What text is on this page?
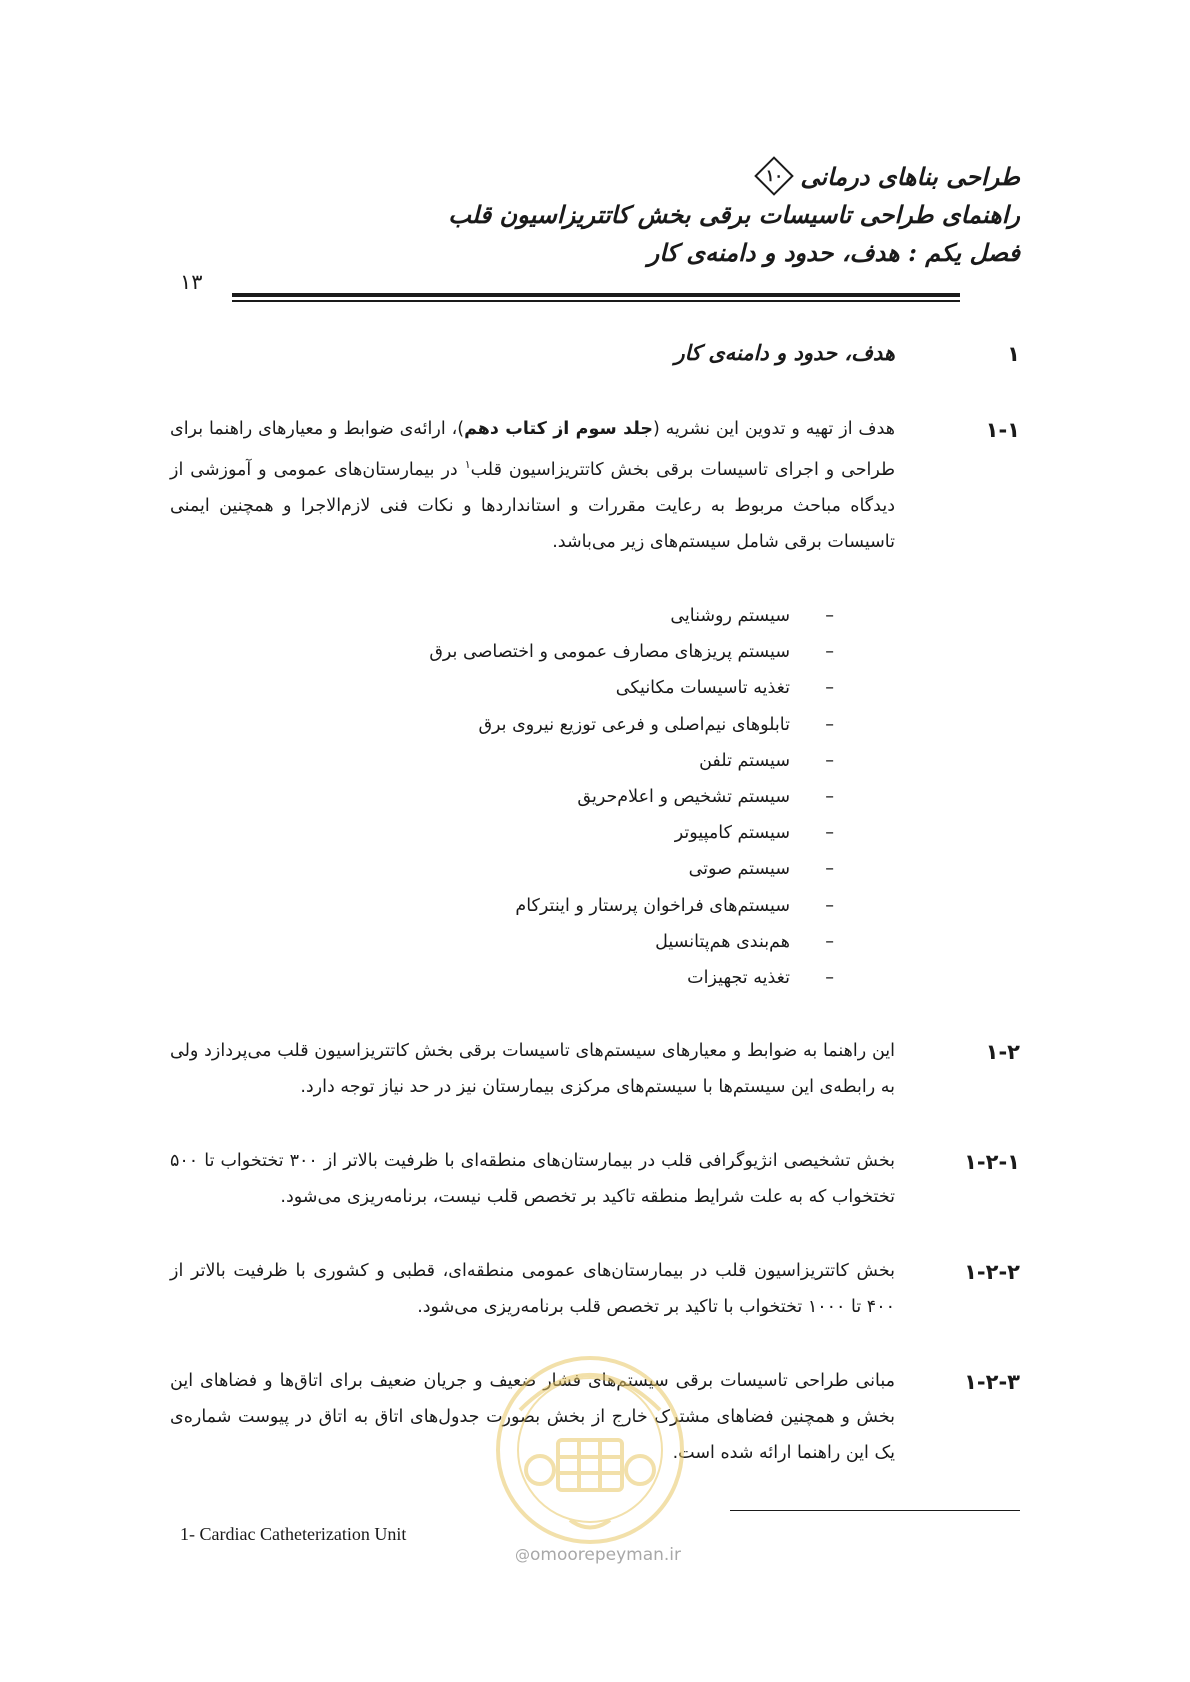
طراحی بناهای درمانی
۱۰
راهنمای طراحی تاسیسات برقی بخش کاتتریزاسیون قلب
فصل یکم : هدف، حدود و دامنه‌ی کار
۱۳
۱
هدف، حدود و دامنه‌ی کار
۱-۱
هدف از تهیه و تدوین این نشریه (جلد سوم از کتاب دهم)، ارائه‌ی ضوابط و معیارهای راهنما برای طراحی و اجرای تاسیسات برقی بخش کاتتریزاسیون قلب$^۱$ در بیمارستان‌های عمومی و آموزشی از دیدگاه مباحث مربوط به رعایت مقررات و استانداردها و نکات فنی لازم‌الاجرا و همچنین ایمنی تاسیسات برقی شامل سیستم‌های زیر می‌باشد.
–سیستم روشنایی
–سیستم پریزهای مصارف عمومی و اختصاصی برق
–تغذیه تاسیسات مکانیکی
–تابلوهای نیم‌اصلی و فرعی توزیع نیروی برق
–سیستم تلفن
–سیستم تشخیص و اعلام‌حریق
–سیستم کامپیوتر
–سیستم صوتی
–سیستم‌های فراخوان پرستار و اینترکام
–هم‌بندی هم‌پتانسیل
–تغذیه تجهیزات
۱-۲
این راهنما به ضوابط و معیارهای سیستم‌های تاسیسات برقی بخش کاتتریزاسیون قلب می‌پردازد ولی به رابطه‌ی این سیستم‌ها با سیستم‌های مرکزی بیمارستان نیز در حد نیاز توجه دارد.
۱-۲-۱
بخش تشخیصی انژیوگرافی قلب در بیمارستان‌های منطقه‌ای با ظرفیت بالاتر از ۳۰۰ تختخواب تا ۵۰۰ تختخواب که به علت شرایط منطقه تاکید بر تخصص قلب نیست، برنامه‌ریزی می‌شود.
۱-۲-۲
بخش کاتتریزاسیون قلب در بیمارستان‌های عمومی منطقه‌ای، قطبی و کشوری با ظرفیت بالاتر از ۴۰۰ تا ۱۰۰۰ تختخواب با تاکید بر تخصص قلب برنامه‌ریزی می‌شود.
۱-۲-۳
مبانی طراحی تاسیسات برقی سیستم‌های فشار ضعیف و جریان ضعیف برای اتاق‌ها و فضاهای این بخش و همچنین فضاهای مشترک خارج از بخش بصورت جدول‌های اتاق به اتاق در پیوست شماره‌ی یک این راهنما ارائه شده است.
@omoorepeyman.ir
1- Cardiac Catheterization Unit
